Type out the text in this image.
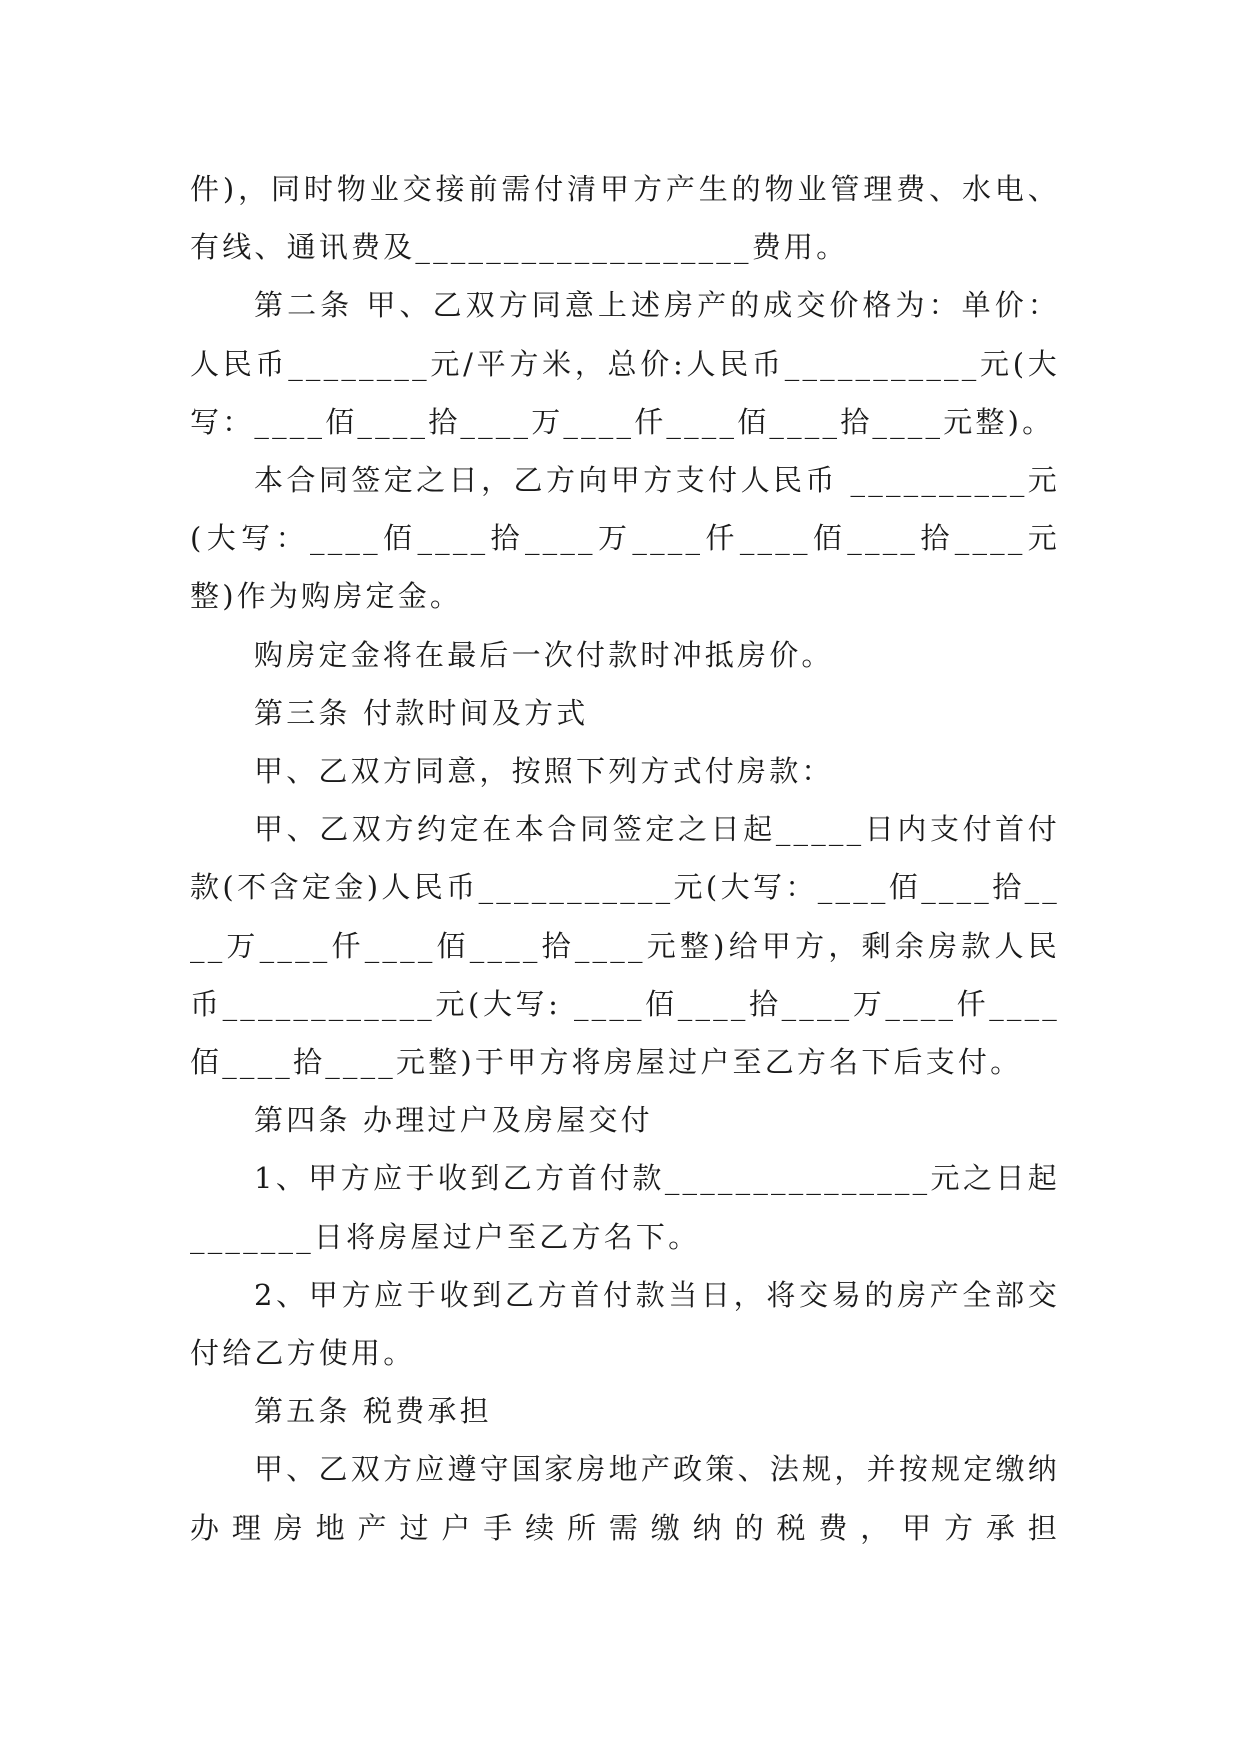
件)，同时物业交接前需付清甲方产生的物业管理费、水电、有线、通讯费及___________________费用。

第二条 甲、乙双方同意上述房产的成交价格为：单价：人民币________元/平方米，总价:人民币___________元(大写：____佰____拾____万____仟____佰____拾____元整)。

本合同签定之日，乙方向甲方支付人民币 __________元(大写：____佰____拾____万____仟____佰____拾____元整)作为购房定金。

购房定金将在最后一次付款时冲抵房价。

第三条 付款时间及方式

甲、乙双方同意，按照下列方式付房款：

甲、乙双方约定在本合同签定之日起_____日内支付首付款(不含定金)人民币___________元(大写：____佰____拾____万____仟____佰____拾____元整)给甲方，剩余房款人民币____________元(大写: ____佰____拾____万____仟____佰____拾____元整)于甲方将房屋过户至乙方名下后支付。

第四条 办理过户及房屋交付

1、甲方应于收到乙方首付款_______________元之日起_______日将房屋过户至乙方名下。

2、甲方应于收到乙方首付款当日，将交易的房产全部交付给乙方使用。

第五条 税费承担

甲、乙双方应遵守国家房地产政策、法规，并按规定缴纳办理房地产过户手续所需缴纳的税费，甲方承担
